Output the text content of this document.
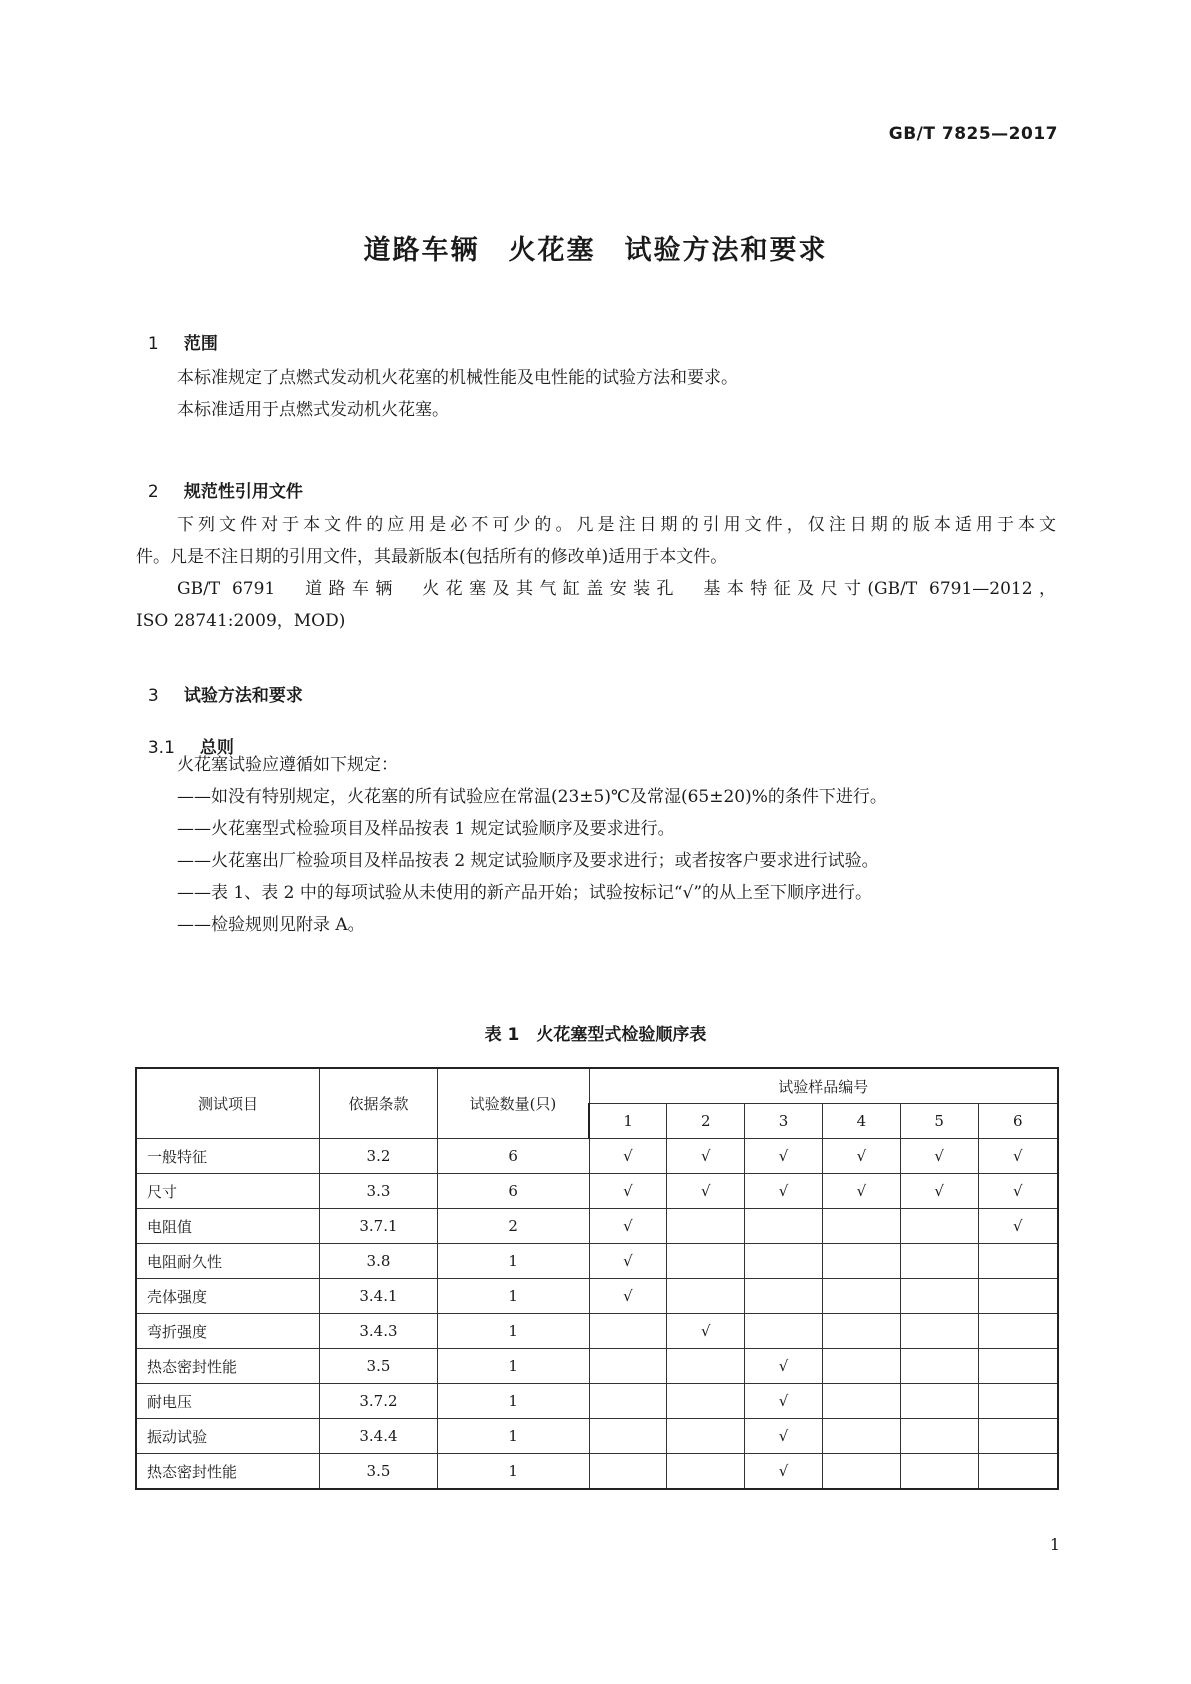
GB/T 7825—2017
道路车辆　火花塞　试验方法和要求

1 范围

本标准规定了点燃式发动机火花塞的机械性能及电性能的试验方法和要求。
本标准适用于点燃式发动机火花塞。

2 规范性引用文件

下列文件对于本文件的应用是必不可少的。凡是注日期的引用文件，仅注日期的版本适用于本文
件。凡是不注日期的引用文件，其最新版本(包括所有的修改单)适用于本文件。
GB/T 6791　道路车辆　火花塞及其气缸盖安装孔　基本特征及尺寸(GB/T 6791—2012，
ISO 28741:2009，MOD)

3 试验方法和要求

3.1 总则

火花塞试验应遵循如下规定：
——如没有特别规定，火花塞的所有试验应在常温(23±5)℃及常湿(65±20)%的条件下进行。
——火花塞型式检验项目及样品按表 1 规定试验顺序及要求进行。
——火花塞出厂检验项目及样品按表 2 规定试验顺序及要求进行；或者按客户要求进行试验。
——表 1、表 2 中的每项试验从未使用的新产品开始；试验按标记“√”的从上至下顺序进行。
——检验规则见附录 A。
表 1　火花塞型式检验顺序表
测试项目	依据条款	试验数量(只)	试验样品编号					
			1	2	3	4	5	6
一般特征	3.2	6	√	√	√	√	√	√
尺寸	3.3	6	√	√	√	√	√	√
电阻值	3.7.1	2	√					√
电阻耐久性	3.8	1	√					
壳体强度	3.4.1	1	√					
弯折强度	3.4.3	1		√				
热态密封性能	3.5	1			√			
耐电压	3.7.2	1			√			
振动试验	3.4.4	1			√			
热态密封性能	3.5	1			√			
1
